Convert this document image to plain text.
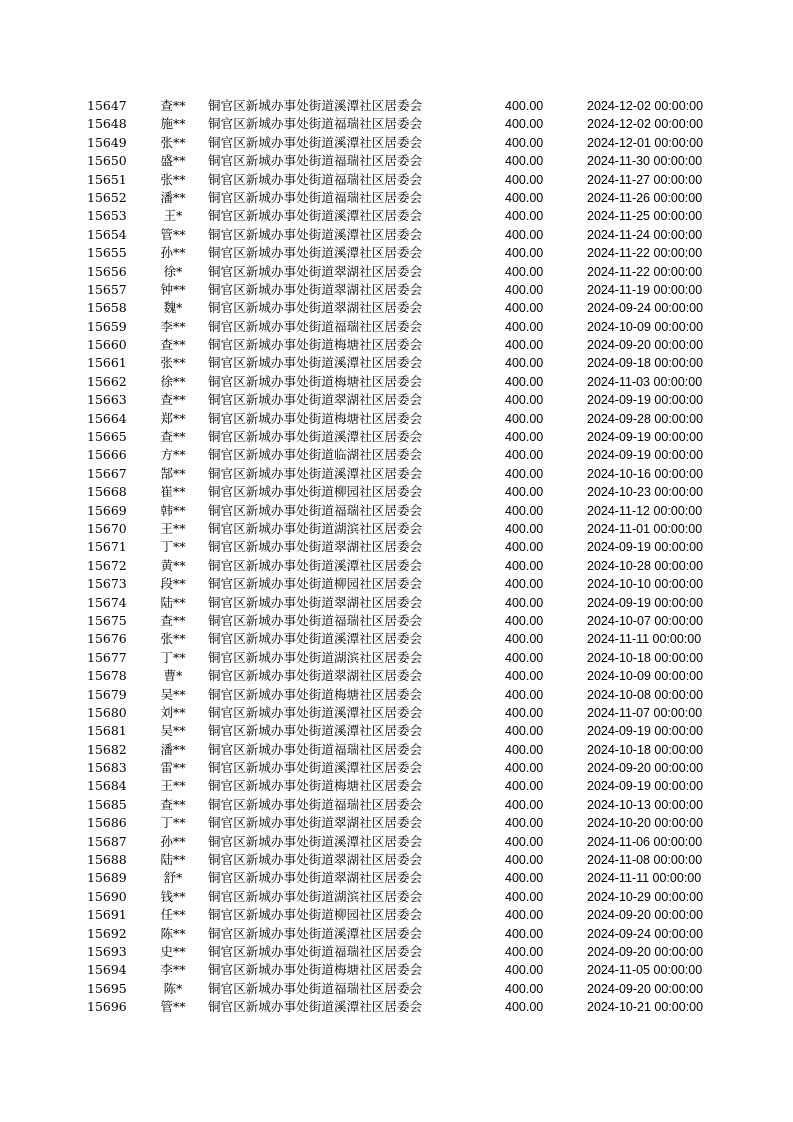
15647	查** 铜官区新城办事处街道溪潭社区居委会	400.00	2024-12-02 00:00:00
15648	施** 铜官区新城办事处街道福瑞社区居委会	400.00	2024-12-02 00:00:00
15649	张** 铜官区新城办事处街道溪潭社区居委会	400.00	2024-12-01 00:00:00
15650	盛** 铜官区新城办事处街道福瑞社区居委会	400.00	2024-11-30 00:00:00
15651	张** 铜官区新城办事处街道福瑞社区居委会	400.00	2024-11-27 00:00:00
15652	潘** 铜官区新城办事处街道福瑞社区居委会	400.00	2024-11-26 00:00:00
15653	王*	铜官区新城办事处街道溪潭社区居委会	400.00	2024-11-25 00:00:00
15654	管** 铜官区新城办事处街道溪潭社区居委会	400.00	2024-11-24 00:00:00
15655	孙** 铜官区新城办事处街道溪潭社区居委会	400.00	2024-11-22 00:00:00
15656	徐*	铜官区新城办事处街道翠湖社区居委会	400.00	2024-11-22 00:00:00
15657	钟** 铜官区新城办事处街道翠湖社区居委会	400.00	2024-11-19 00:00:00
15658	魏*	铜官区新城办事处街道翠湖社区居委会	400.00	2024-09-24 00:00:00
15659	李** 铜官区新城办事处街道福瑞社区居委会	400.00	2024-10-09 00:00:00
15660	查** 铜官区新城办事处街道梅塘社区居委会	400.00	2024-09-20 00:00:00
15661	张** 铜官区新城办事处街道溪潭社区居委会	400.00	2024-09-18 00:00:00
15662	徐** 铜官区新城办事处街道梅塘社区居委会	400.00	2024-11-03 00:00:00
15663	查** 铜官区新城办事处街道翠湖社区居委会	400.00	2024-09-19 00:00:00
15664	郑** 铜官区新城办事处街道梅塘社区居委会	400.00	2024-09-28 00:00:00
15665	查** 铜官区新城办事处街道溪潭社区居委会	400.00	2024-09-19 00:00:00
15666	方** 铜官区新城办事处街道临湖社区居委会	400.00	2024-09-19 00:00:00
15667	郜** 铜官区新城办事处街道溪潭社区居委会	400.00	2024-10-16 00:00:00
15668	崔** 铜官区新城办事处街道柳园社区居委会	400.00	2024-10-23 00:00:00
15669	韩** 铜官区新城办事处街道福瑞社区居委会	400.00	2024-11-12 00:00:00
15670	王** 铜官区新城办事处街道湖滨社区居委会	400.00	2024-11-01 00:00:00
15671	丁** 铜官区新城办事处街道翠湖社区居委会	400.00	2024-09-19 00:00:00
15672	黄** 铜官区新城办事处街道溪潭社区居委会	400.00	2024-10-28 00:00:00
15673	段** 铜官区新城办事处街道柳园社区居委会	400.00	2024-10-10 00:00:00
15674	陆** 铜官区新城办事处街道翠湖社区居委会	400.00	2024-09-19 00:00:00
15675	查** 铜官区新城办事处街道福瑞社区居委会	400.00	2024-10-07 00:00:00
15676	张** 铜官区新城办事处街道溪潭社区居委会	400.00	2024-11-11 00:00:00
15677	丁** 铜官区新城办事处街道湖滨社区居委会	400.00	2024-10-18 00:00:00
15678	曹*	铜官区新城办事处街道翠湖社区居委会	400.00	2024-10-09 00:00:00
15679	吴** 铜官区新城办事处街道梅塘社区居委会	400.00	2024-10-08 00:00:00
15680	刘** 铜官区新城办事处街道溪潭社区居委会	400.00	2024-11-07 00:00:00
15681	吴** 铜官区新城办事处街道溪潭社区居委会	400.00	2024-09-19 00:00:00
15682	潘** 铜官区新城办事处街道福瑞社区居委会	400.00	2024-10-18 00:00:00
15683	雷** 铜官区新城办事处街道溪潭社区居委会	400.00	2024-09-20 00:00:00
15684	王** 铜官区新城办事处街道梅塘社区居委会	400.00	2024-09-19 00:00:00
15685	查** 铜官区新城办事处街道福瑞社区居委会	400.00	2024-10-13 00:00:00
15686	丁** 铜官区新城办事处街道翠湖社区居委会	400.00	2024-10-20 00:00:00
15687	孙** 铜官区新城办事处街道溪潭社区居委会	400.00	2024-11-06 00:00:00
15688	陆** 铜官区新城办事处街道翠湖社区居委会	400.00	2024-11-08 00:00:00
15689	舒*	铜官区新城办事处街道翠湖社区居委会	400.00	2024-11-11 00:00:00
15690	钱** 铜官区新城办事处街道湖滨社区居委会	400.00	2024-10-29 00:00:00
15691	任** 铜官区新城办事处街道柳园社区居委会	400.00	2024-09-20 00:00:00
15692	陈** 铜官区新城办事处街道溪潭社区居委会	400.00	2024-09-24 00:00:00
15693	史** 铜官区新城办事处街道福瑞社区居委会	400.00	2024-09-20 00:00:00
15694	李** 铜官区新城办事处街道梅塘社区居委会	400.00	2024-11-05 00:00:00
15695	陈*	铜官区新城办事处街道福瑞社区居委会	400.00	2024-09-20 00:00:00
15696	管** 铜官区新城办事处街道溪潭社区居委会	400.00	2024-10-21 00:00:00
